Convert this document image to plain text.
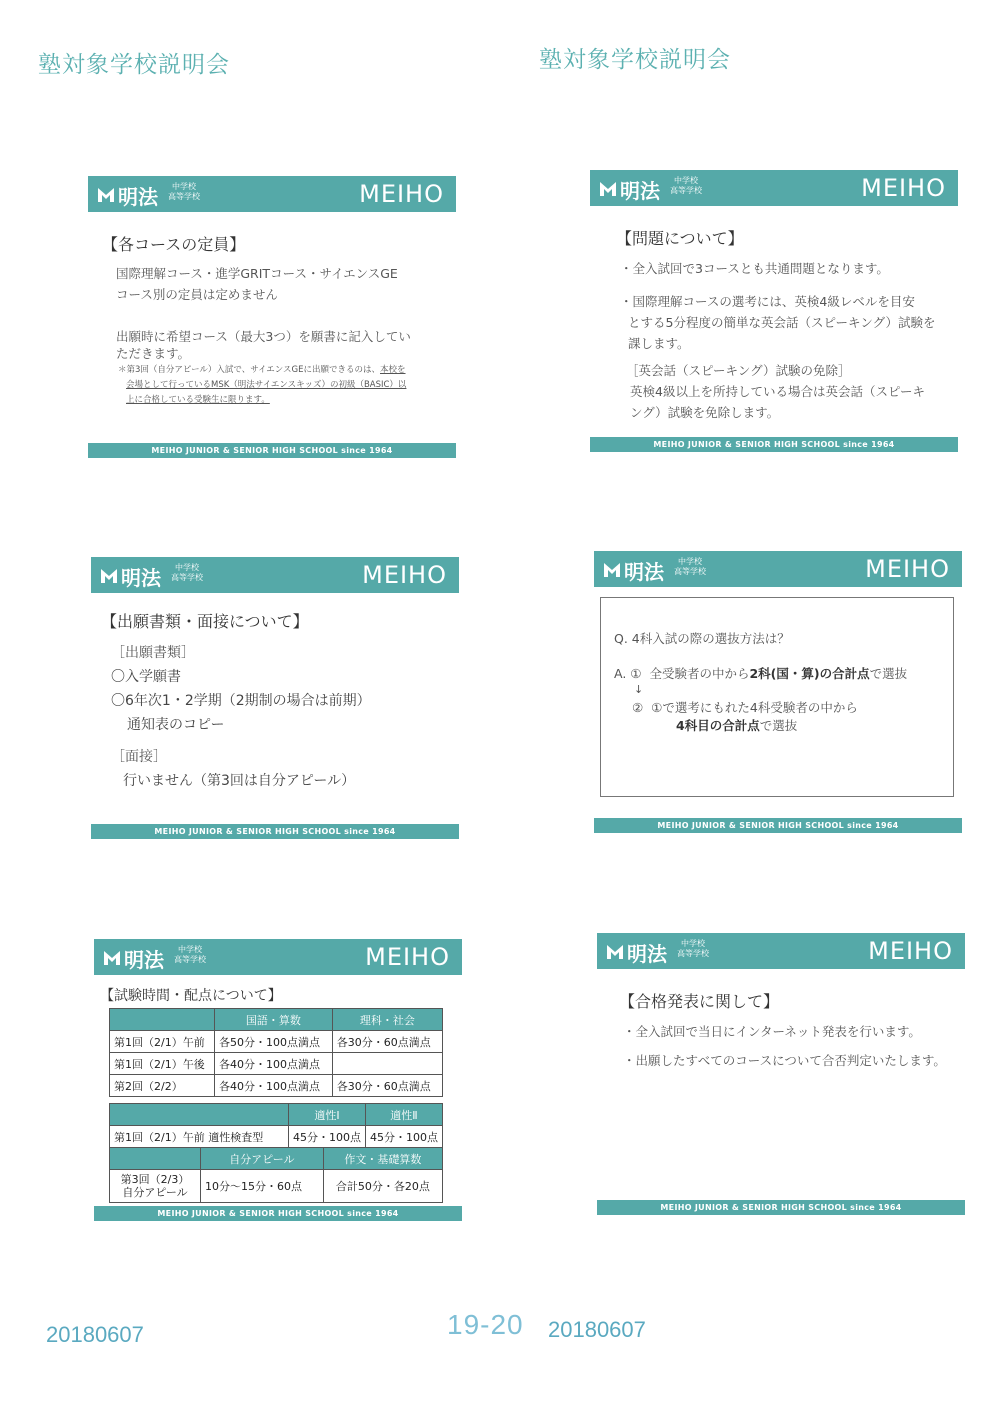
塾対象学校説明会	塾対象学校説明会
20180607	19-20 20180607
明法	中学校
高等学校	MEIHO
【各コースの定員】
国際理解コース・進学GRITコース・サイエンスGE
コース別の定員は定めません
出願時に希望コース（最大3つ）を願書に記入してい
ただきます。
＊第3回（自分アピール）入試で、サイエンスGEに出願できるのは、本校を
会場として行っているMSK（明法サイエンスキッズ）の初級（BASIC）以
上に合格している受験生に限ります。
MEIHO JUNIOR & SENIOR HIGH SCHOOL since 1964
明法	中学校
高等学校	MEIHO
【問題について】
・全入試回で3コースとも共通問題となります。
・国際理解コースの選考には、英検4級レベルを目安
とする5分程度の簡単な英会話（スピーキング）試験を
課します。
［英会話（スピーキング）試験の免除］
英検4級以上を所持している場合は英会話（スピーキ
ング）試験を免除します。
MEIHO JUNIOR & SENIOR HIGH SCHOOL since 1964
明法	中学校
高等学校	MEIHO
【出願書類・面接について】
［出願書類］
〇入学願書
〇6年次1・2学期（2期制の場合は前期）
通知表のコピー
［面接］
行いません（第3回は自分アピール）
MEIHO JUNIOR & SENIOR HIGH SCHOOL since 1964
明法	中学校
高等学校	MEIHO
Q. 4科入試の際の選抜方法は？
A. ① 全受験者の中から2科(国・算)の合計点で選抜
↓
② ①で選考にもれた4科受験者の中から
4科目の合計点で選抜
MEIHO JUNIOR & SENIOR HIGH SCHOOL since 1964
明法	中学校
高等学校	MEIHO
【試験時間・配点について】
	国語・算数	理科・社会
第1回（2/1）午前	各50分・100点満点	各30分・60点満点
第1回（2/1）午後	各40分・100点満点	
第2回（2/2）	各40分・100点満点	各30分・60点満点
	適性Ⅰ	適性Ⅱ
第1回（2/1）午前 適性検査型	45分・100点	45分・100点
	自分アピール	作文・基礎算数
第3回（2/3）
自分アピール	10分～15分・60点	合計50分・各20点
MEIHO JUNIOR & SENIOR HIGH SCHOOL since 1964
明法	中学校
高等学校	MEIHO
【合格発表に関して】
・全入試回で当日にインターネット発表を行います。
・出願したすべてのコースについて合否判定いたします。
MEIHO JUNIOR & SENIOR HIGH SCHOOL since 1964
